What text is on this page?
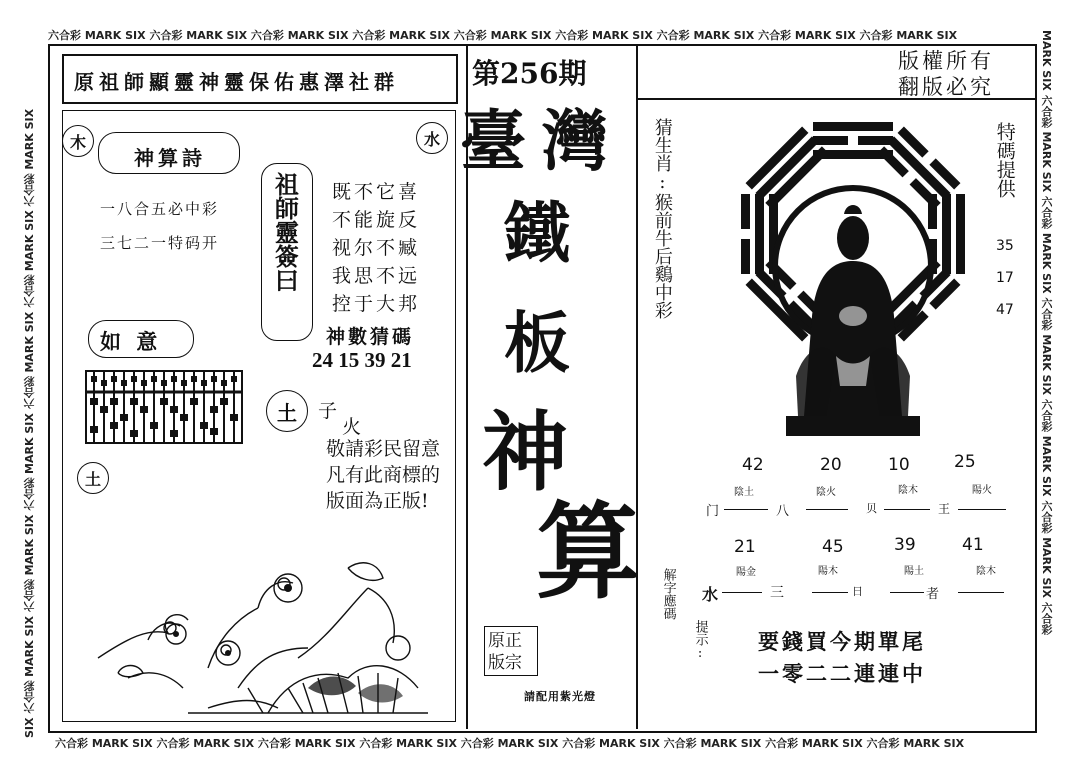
六合彩 MARK SIX 六合彩 MARK SIX 六合彩 MARK SIX 六合彩 MARK SIX 六合彩 MARK SIX 六合彩 MARK SIX 六合彩 MARK SIX 六合彩 MARK SIX 六合彩 MARK SIX
六合彩 MARK SIX 六合彩 MARK SIX 六合彩 MARK SIX 六合彩 MARK SIX 六合彩 MARK SIX 六合彩 MARK SIX 六合彩 MARK SIX 六合彩 MARK SIX 六合彩 MARK SIX
SIX 六合彩 MARK SIX 六合彩 MARK SIX 六合彩 MARK SIX 六合彩 MARK SIX 六合彩 MARK SIX 六合彩 MARK SIX	MARK SIX 六合彩 MARK SIX 六合彩 MARK SIX 六合彩 MARK SIX 六合彩 MARK SIX 六合彩 MARK SIX 六合彩
原祖師顯靈神靈保佑惠澤社群
木	水
神算詩
一八合五必中彩
三七二一特码开
如 意
祖師靈簽曰 既不它喜
不能旋反
视尔不臧
我思不远
控于大邦
神數猜碼
24 15 39 21
土	子
火
敬請彩民留意
凡有此商標的
版面為正版!
土
第256期
臺 灣
鐵
板
神
算
原正
版宗
請配用紫光燈
版權所有
翻版必究
猜生肖:猴前牛后鷄中彩	特碼提供
35
17
47
42	20	10	25
陰土	陰火	陰木	陽火
门	八	贝	王
21	45	39	41
陽金	陽木	陽土	陰木
水	三	日	者
解字應碼
提示: 要錢買今期單尾
一零二二連連中
